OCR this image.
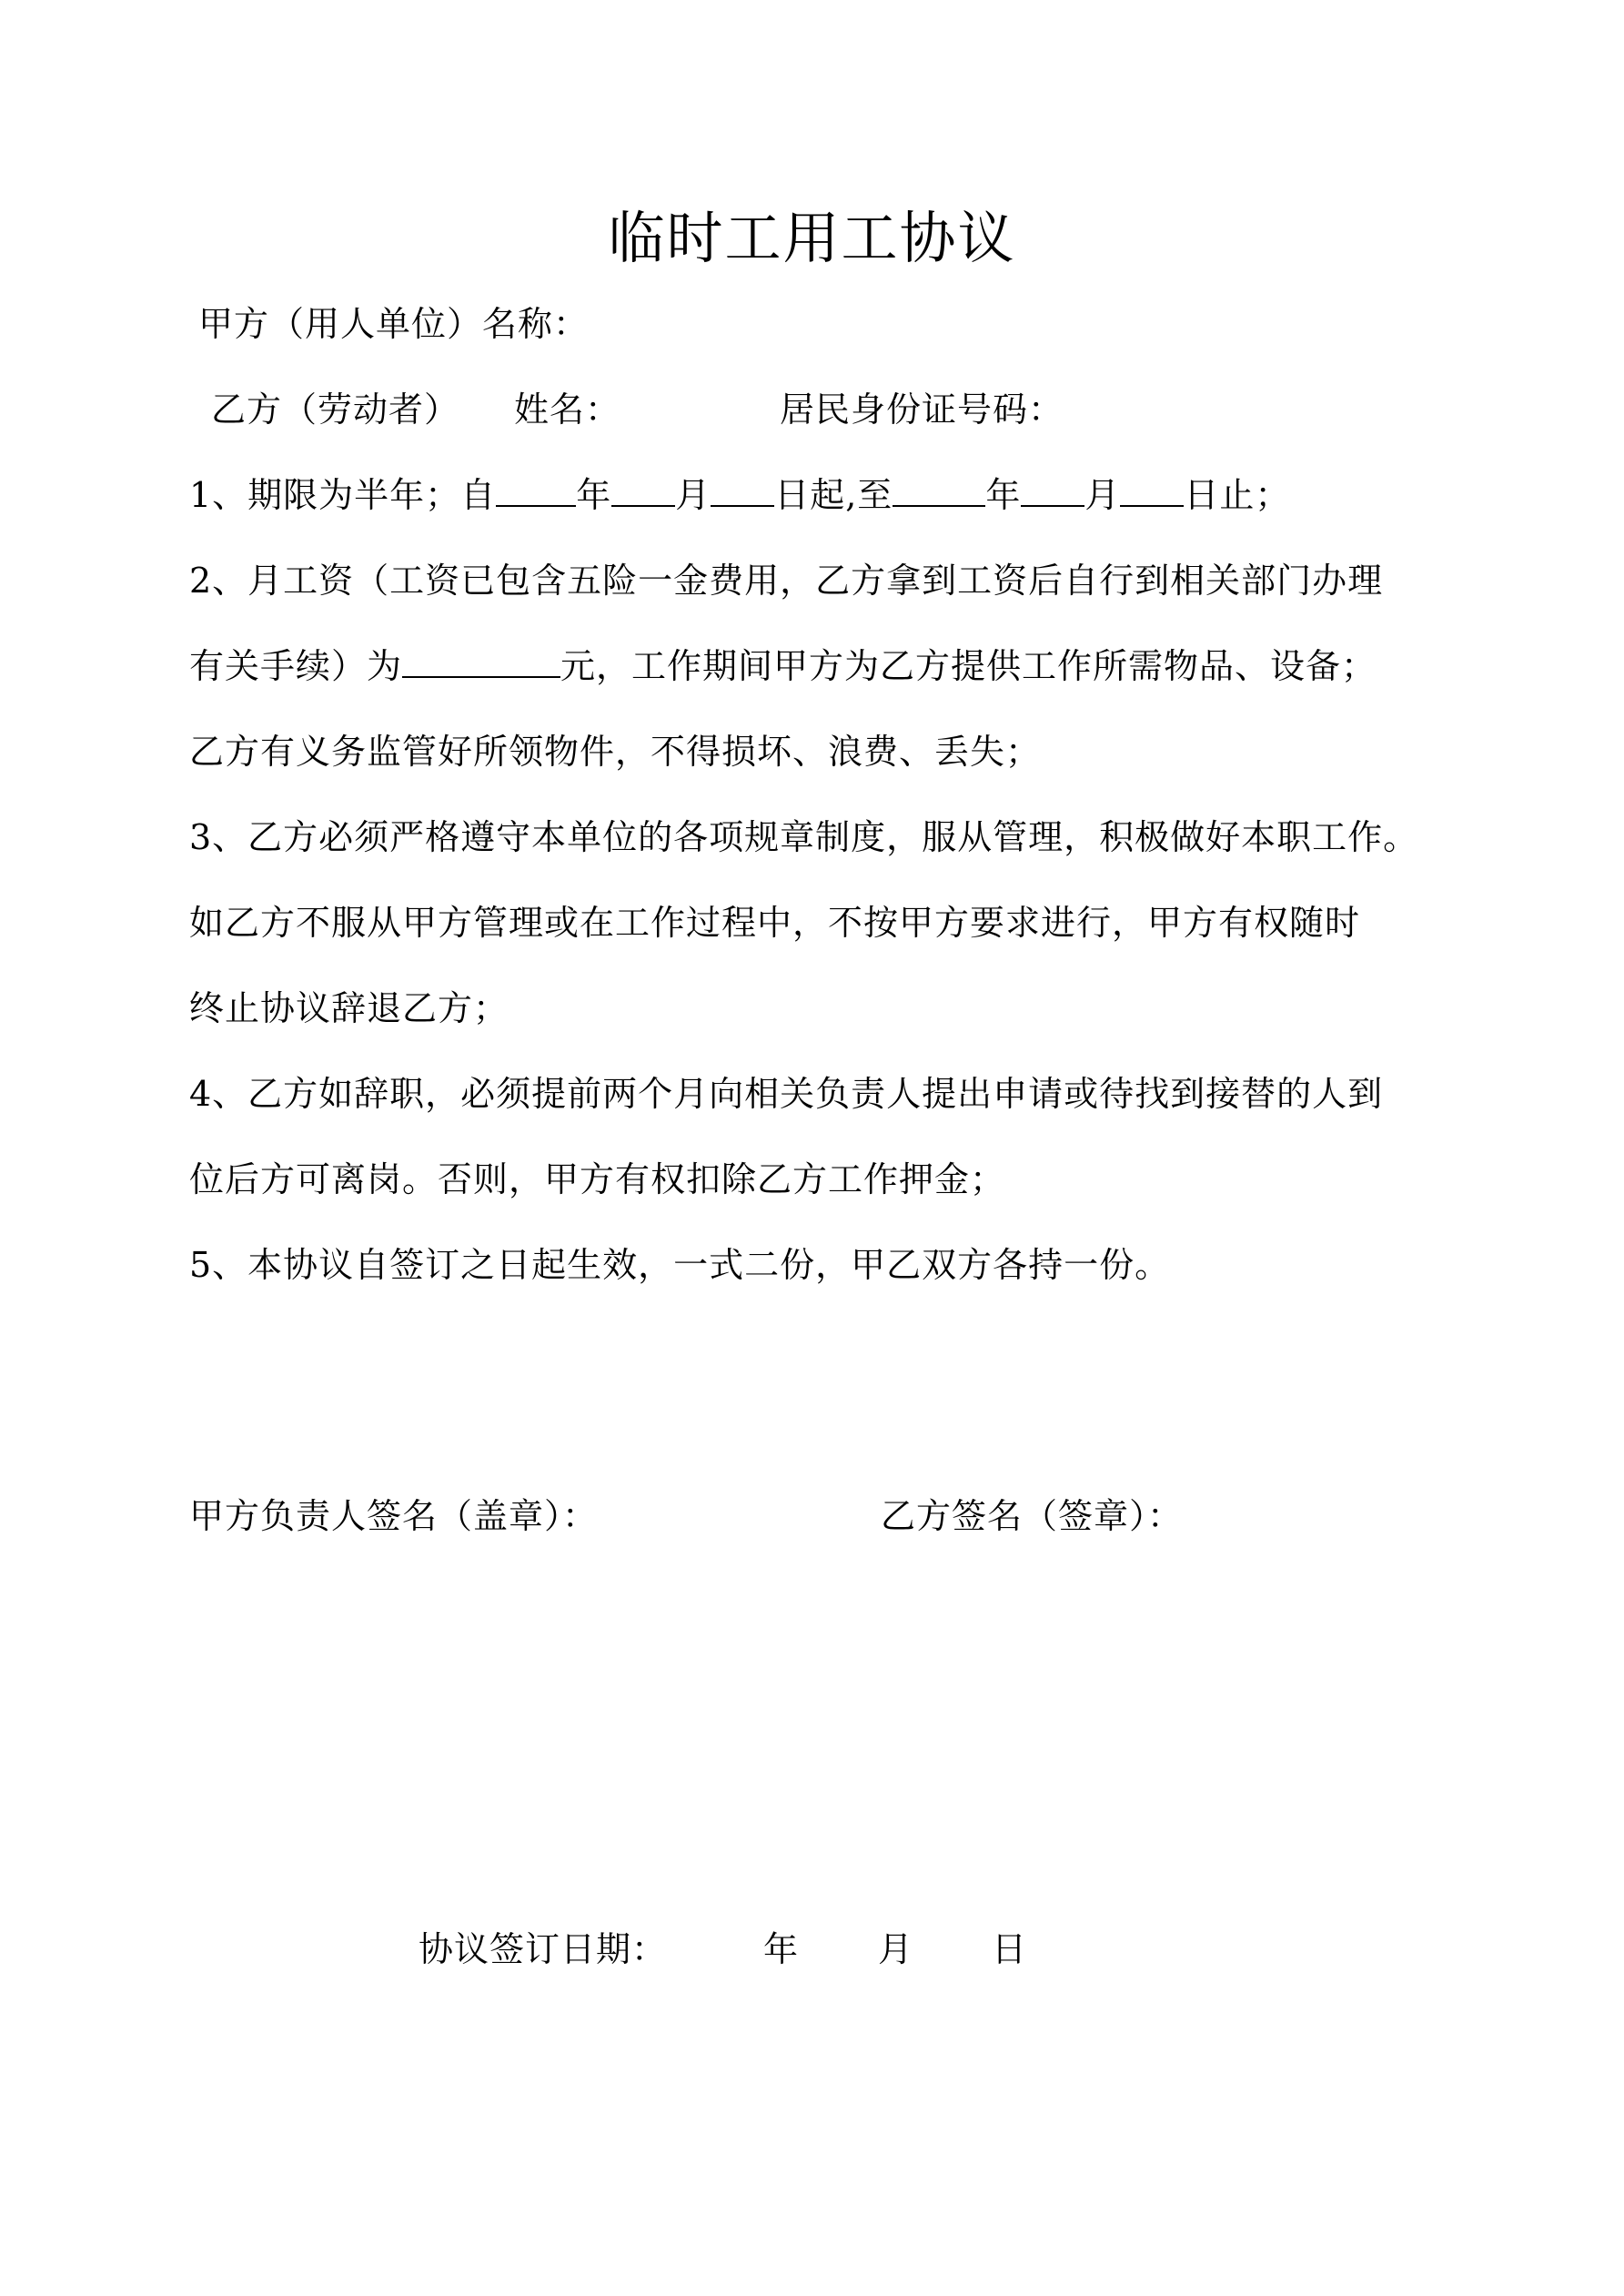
临时工用工协议
甲方（用人单位）名称：
乙方（劳动者） 姓名：	居民身份证号码：
1、期限为半年；自 年 月 日起,至	年 月 日止；
2、月工资（工资已包含五险一金费用，乙方拿到工资后自行到相关部门办理
有关手续）为	元，工作期间甲方为乙方提供工作所需物品、设备；
乙方有义务监管好所领物件，不得损坏、浪费、丢失；
3、乙方必须严格遵守本单位的各项规章制度，服从管理，积极做好本职工作。
如乙方不服从甲方管理或在工作过程中，不按甲方要求进行，甲方有权随时
终止协议辞退乙方；
4、乙方如辞职，必须提前两个月向相关负责人提出申请或待找到接替的人到
位后方可离岗。否则，甲方有权扣除乙方工作押金；
5、本协议自签订之日起生效，一式二份，甲乙双方各持一份。
甲方负责人签名（盖章）：	乙方签名（签章）：
协议签订日期：	年 月 日
